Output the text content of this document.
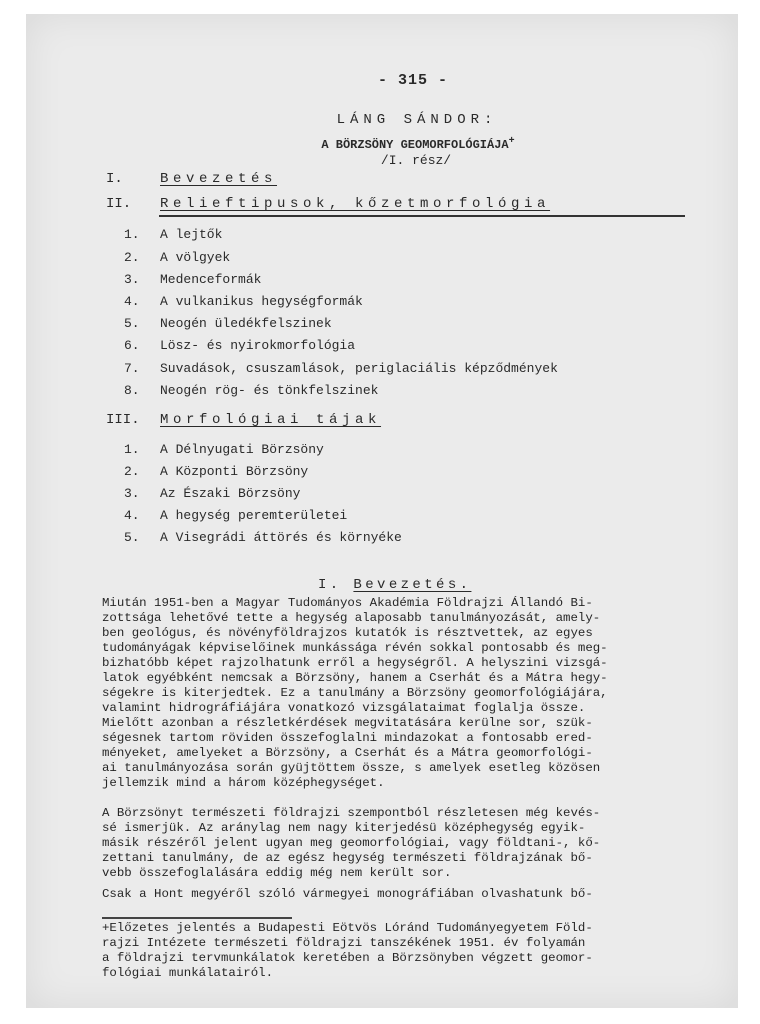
- 315 -
LÁNG SÁNDOR:
A BÖRZSÖNY GEOMORFOLÓGIÁJA+
/I. rész/
I.	Bevezetés
II. Relieftipusok, kőzetmorfológia
1. A lejtők
2. A völgyek
3. Medenceformák
4. A vulkanikus hegységformák
5. Neogén üledékfelszinek
6. Lösz- és nyirokmorfológia
7. Suvadások, csuszamlások, periglaciális képződmények
8. Neogén rög- és tönkfelszinek
III. Morfológiai tájak
1. A Délnyugati Börzsöny
2. A Központi Börzsöny
3. Az Északi Börzsöny
4. A hegység peremterületei
5. A Visegrádi áttörés és környéke
I. Bevezetés.
Miután 1951-ben a Magyar Tudományos Akadémia Földrajzi Állandó Bi-
zottsága lehetővé tette a hegység alaposabb tanulmányozását, amely-
ben geológus, és növényföldrajzos kutatók is résztvettek, az egyes
tudományágak képviselőinek munkássága révén sokkal pontosabb és meg-
bizhatóbb képet rajzolhatunk erről a hegységről. A helyszini vizsgá-
latok egyébként nemcsak a Börzsöny, hanem a Cserhát és a Mátra hegy-
ségekre is kiterjedtek. Ez a tanulmány a Börzsöny geomorfológiájára,
valamint hidrográfiájára vonatkozó vizsgálataimat foglalja össze.
Mielőtt azonban a részletkérdések megvitatására kerülne sor, szük-
ségesnek tartom röviden összefoglalni mindazokat a fontosabb ered-
ményeket, amelyeket a Börzsöny, a Cserhát és a Mátra geomorfológi-
ai tanulmányozása során gyüjtöttem össze, s amelyek esetleg közösen
jellemzik mind a három középhegységet.
A Börzsönyt természeti földrajzi szempontból részletesen még kevés-
sé ismerjük. Az aránylag nem nagy kiterjedésü középhegység egyik-
másik részéről jelent ugyan meg geomorfológiai, vagy földtani-, kő-
zettani tanulmány, de az egész hegység természeti földrajzának bő-
vebb összefoglalására eddig még nem került sor.
Csak a Hont megyéről szóló vármegyei monográfiában olvashatunk bő-
+Előzetes jelentés a Budapesti Eötvös Lóránd Tudományegyetem Föld-
rajzi Intézete természeti földrajzi tanszékének 1951. év folyamán
a földrajzi tervmunkálatok keretében a Börzsönyben végzett geomor-
fológiai munkálatairól.
